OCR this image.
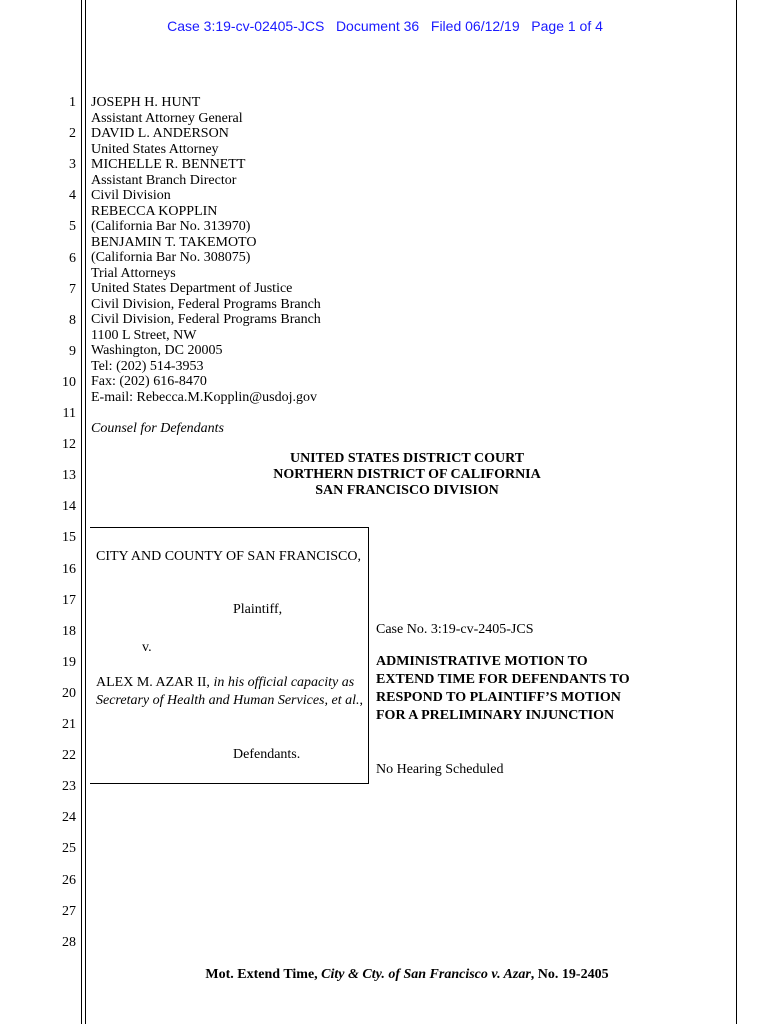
Case 3:19-cv-02405-JCS   Document 36   Filed 06/12/19   Page 1 of 4
1
2
3
4
5
6
7
8
9
10
11
12
13
14
15
16
17
18
19
20
21
22
23
24
25
26
27
28
JOSEPH H. HUNT
Assistant Attorney General
DAVID L. ANDERSON
United States Attorney
MICHELLE R. BENNETT
Assistant Branch Director
Civil Division
REBECCA KOPPLIN
(California Bar No. 313970)
BENJAMIN T. TAKEMOTO
(California Bar No. 308075)
Trial Attorneys
United States Department of Justice
Civil Division, Federal Programs Branch
Civil Division, Federal Programs Branch
1100 L Street, NW
Washington, DC 20005
Tel: (202) 514-3953
Fax: (202) 616-8470
E-mail: Rebecca.M.Kopplin@usdoj.gov
Counsel for Defendants
UNITED STATES DISTRICT COURT
NORTHERN DISTRICT OF CALIFORNIA
SAN FRANCISCO DIVISION
CITY AND COUNTY OF SAN FRANCISCO,
Plaintiff,
v.
ALEX M. AZAR II, in his official capacity as Secretary of Health and Human Services, et al.,
Defendants.
Case No. 3:19-cv-2405-JCS
ADMINISTRATIVE MOTION TO EXTEND TIME FOR DEFENDANTS TO RESPOND TO PLAINTIFF’S MOTION FOR A PRELIMINARY INJUNCTION
No Hearing Scheduled
Mot. Extend Time, City & Cty. of San Francisco v. Azar, No. 19-2405
